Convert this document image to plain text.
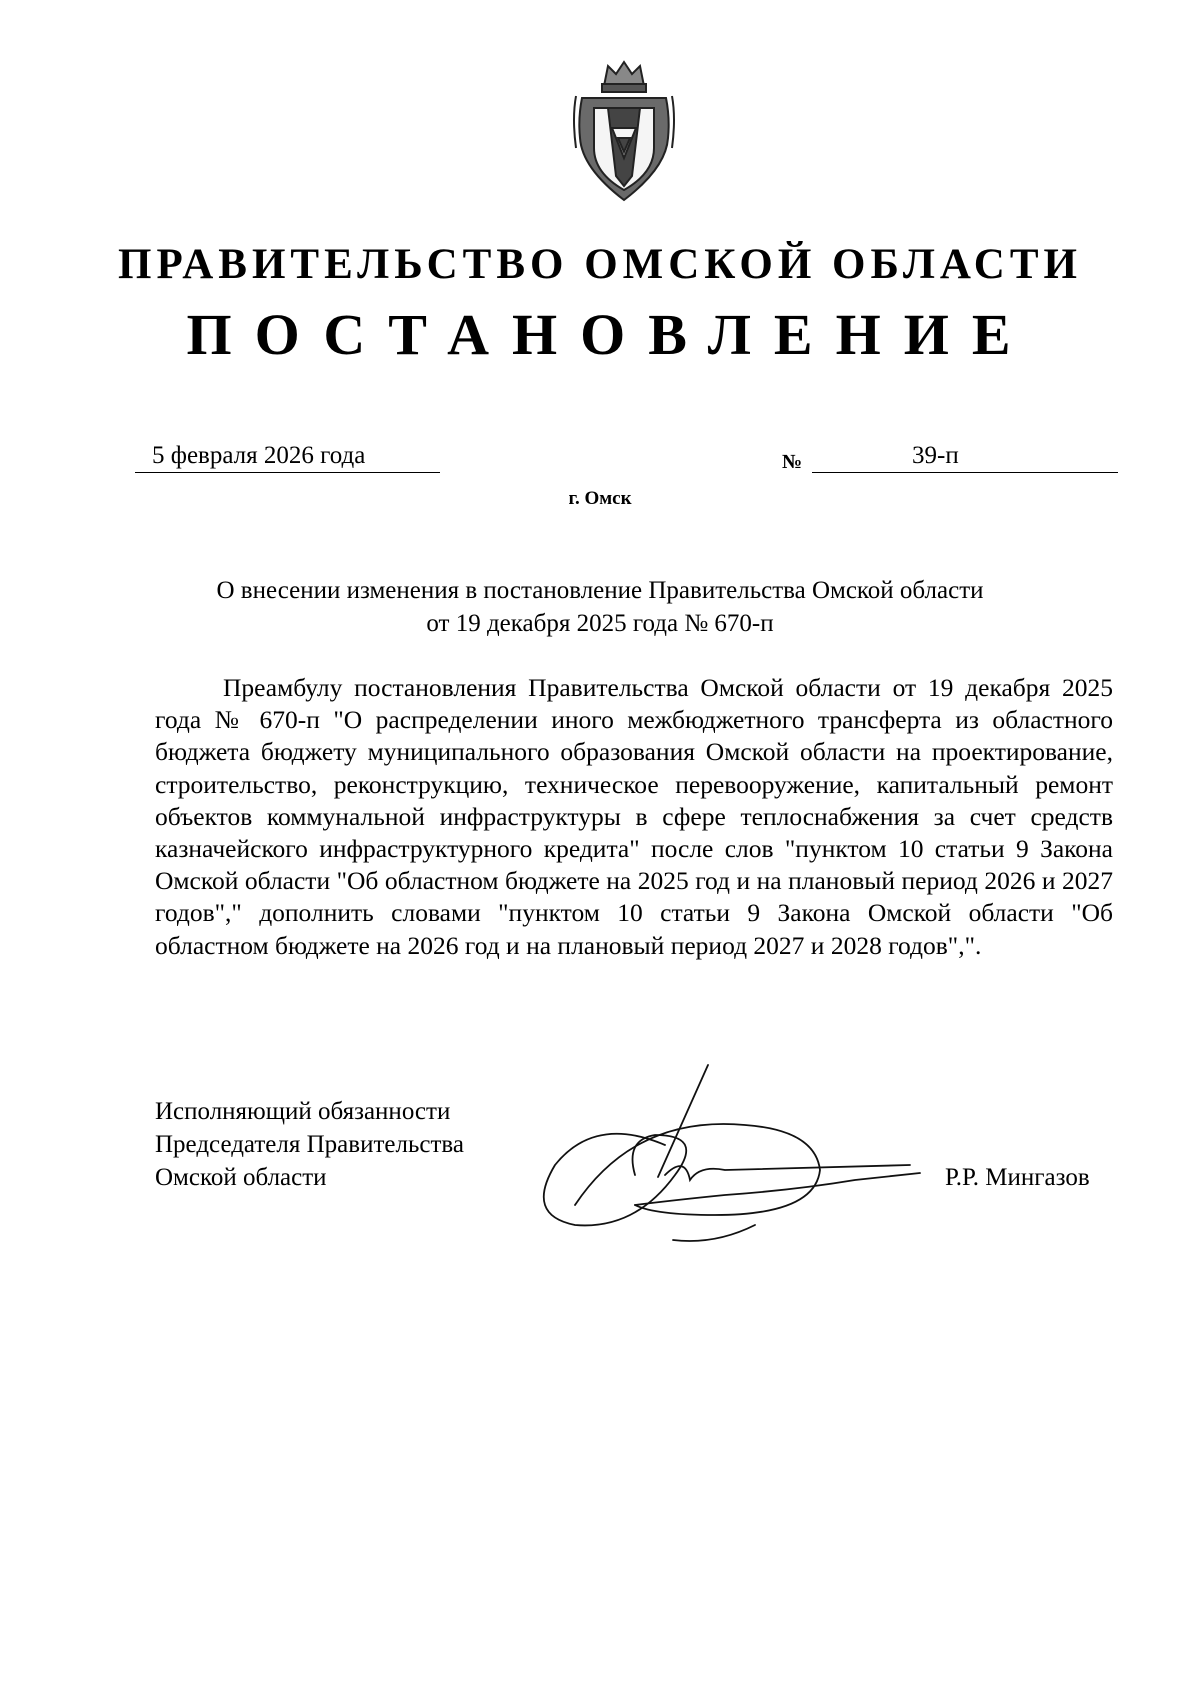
ПРАВИТЕЛЬСТВО ОМСКОЙ ОБЛАСТИ
ПОСТАНОВЛЕНИЕ
5 февраля 2026 года	№	39-п
г. Омск
О внесении изменения в постановление Правительства Омской области
от 19 декабря 2025 года № 670-п

Преамбулу постановления Правительства Омской области от 19 декабря 2025 года № 670-п "О распределении иного межбюджетного трансферта из областного бюджета бюджету муниципального образования Омской области на проектирование, строительство, реконструкцию, техническое перевооружение, капитальный ремонт объектов коммунальной инфраструктуры в сфере теплоснабжения за счет средств казначейского инфраструктурного кредита" после слов "пунктом 10 статьи 9 Закона Омской области "Об областном бюджете на 2025 год и на плановый период 2026 и 2027 годов"," дополнить словами "пунктом 10 статьи 9 Закона Омской области "Об областном бюджете на 2026 год и на плановый период 2027 и 2028 годов",".

Исполняющий обязанности
Председателя Правительства
Омской области	Р.Р. Мингазов
